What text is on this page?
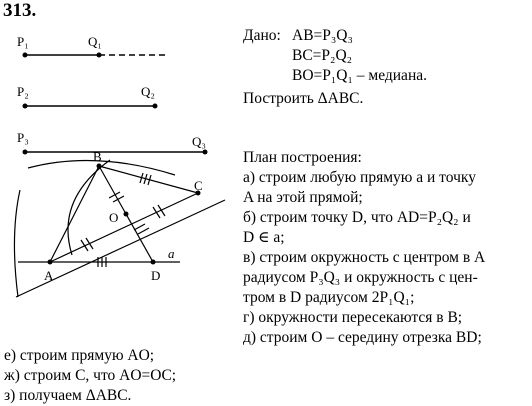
313.
P₁	Q₁
P₂	Q₂
P₃	Q₃
A
B
C
D
O
a
Дано: AB=P₃Q₃
BC=P₂Q₂
BO=P₁Q₁ – медиана.
Построить ΔABC.
План построения:
а) строим любую прямую a и точку
A на этой прямой;
б) строим точку D, что AD=P₂Q₂ и
D ∈ a;
в) строим окружность с центром в A
радиусом P₃Q₃ и окружность с цен-
тром в D радиусом 2P₁Q₁;
г) окружности пересекаются в B;
д) строим O – середину отрезка BD;
е) строим прямую AO;
ж) строим C, что AO=OC;
з) получаем ΔABC.
